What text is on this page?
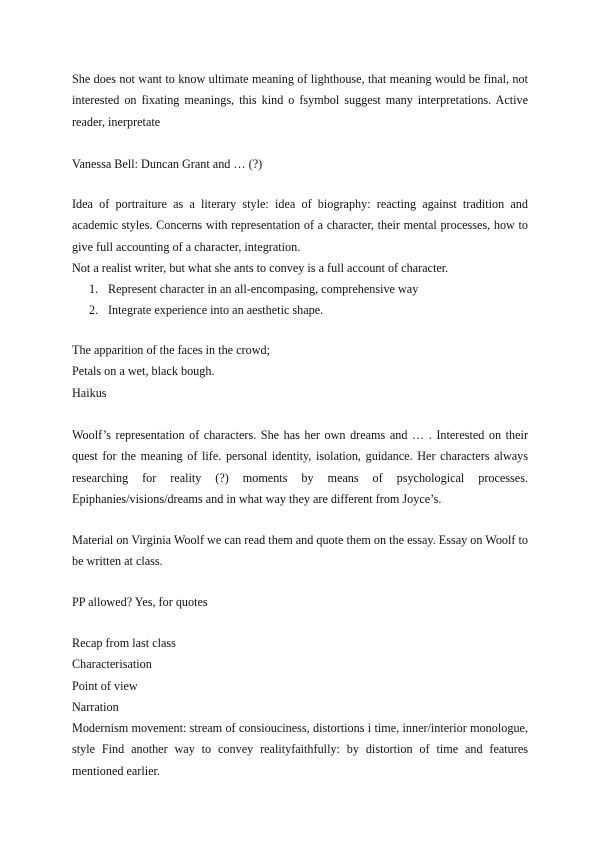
She does not want to know ultimate meaning of lighthouse, that meaning would be final, not
interested on fixating meanings, this kind o fsymbol suggest many interpretations. Active
reader, inerpretate
Vanessa Bell: Duncan Grant and … (?)
Idea of portraiture as a literary style: idea of biography: reacting against tradition and
academic styles. Concerns with representation of a character, their mental processes, how to
give full accounting of a character, integration.
Not a realist writer, but what she ants to convey is a full account of character.
1. Represent character in an all-encompasing, comprehensive way
2. Integrate experience into an aesthetic shape.
The apparition of the faces in the crowd;
Petals on a wet, black bough.
Haikus
Woolf’s representation of characters. She has her own dreams and … . Interested on their
quest for the meaning of life. personal identity, isolation, guidance. Her characters always
researching for reality (?) moments by means of psychological processes.
Epiphanies/visions/dreams and in what way they are different from Joyce’s.
Material on Virginia Woolf we can read them and quote them on the essay. Essay on Woolf to
be written at class.
PP allowed? Yes, for quotes
Recap from last class
Characterisation
Point of view
Narration
Modernism movement: stream of consiouciness, distortions i time, inner/interior monologue,
style Find another way to convey realityfaithfully: by distortion of time and features
mentioned earlier.
